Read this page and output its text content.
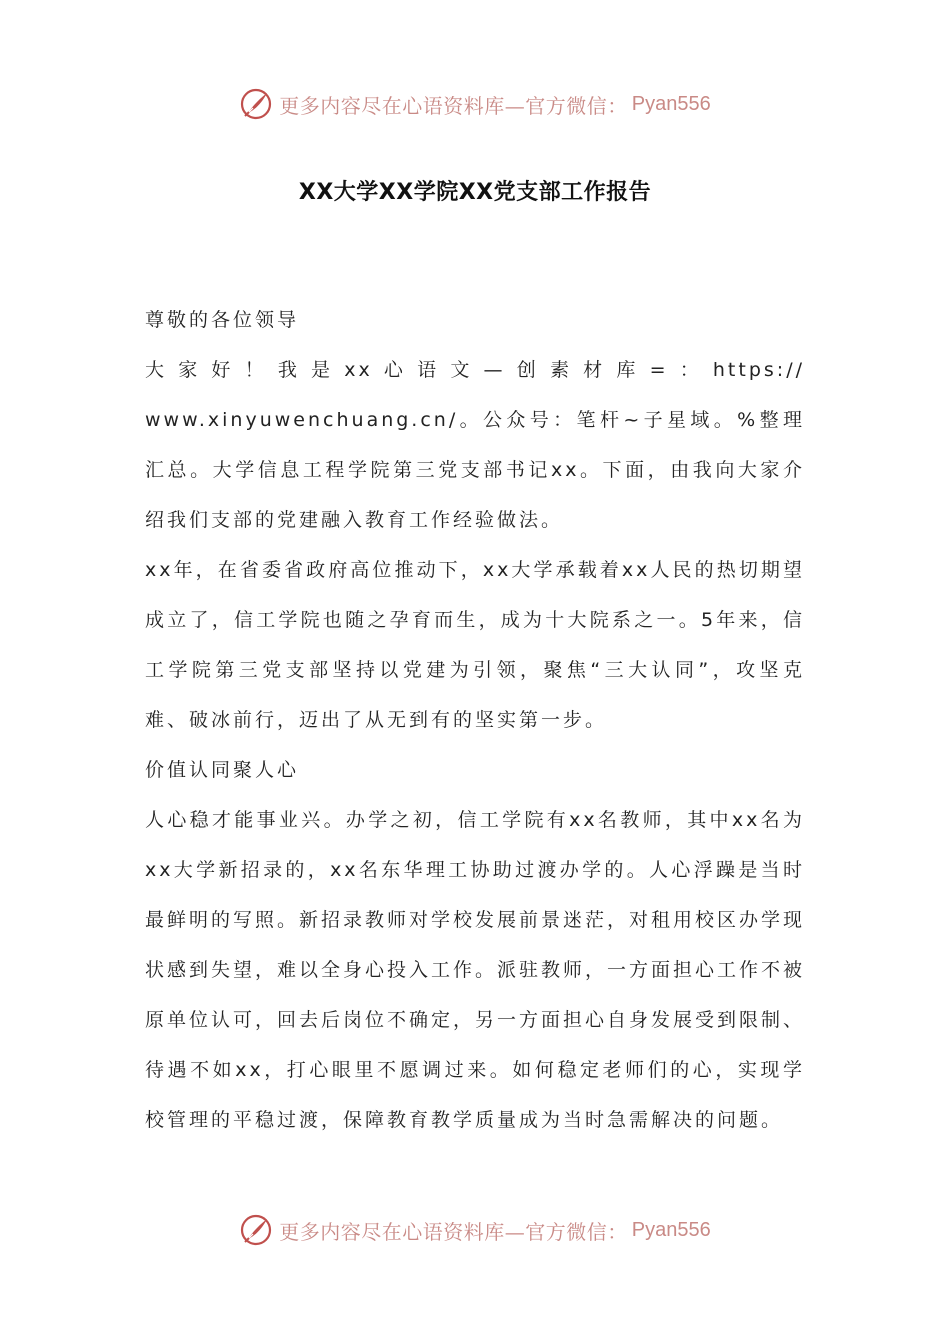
更多内容尽在心语资料库—官方微信： Pyan556
XX大学XX学院XX党支部工作报告

尊敬的各位领导

大家好！我是xx心语文—创素材库=：https://

www.xinyuwenchuang.cn/。公众号：笔杆~子星域。%整理汇总。大学信息工程学院第三党支部书记xx。下面，由我向大家介绍我们支部的党建融入教育工作经验做法。

xx年，在省委省政府高位推动下，xx大学承载着xx人民的热切期望成立了，信工学院也随之孕育而生，成为十大院系之一。5年来，信工学院第三党支部坚持以党建为引领，聚焦“三大认同”，攻坚克难、破冰前行，迈出了从无到有的坚实第一步。

价值认同聚人心

人心稳才能事业兴。办学之初，信工学院有xx名教师，其中xx名为xx大学新招录的，xx名东华理工协助过渡办学的。人心浮躁是当时最鲜明的写照。新招录教师对学校发展前景迷茫，对租用校区办学现状感到失望，难以全身心投入工作。派驻教师，一方面担心工作不被原单位认可，回去后岗位不确定，另一方面担心自身发展受到限制、待遇不如xx，打心眼里不愿调过来。如何稳定老师们的心，实现学校管理的平稳过渡，保障教育教学质量成为当时急需解决的问题。

更多内容尽在心语资料库—官方微信： Pyan556
